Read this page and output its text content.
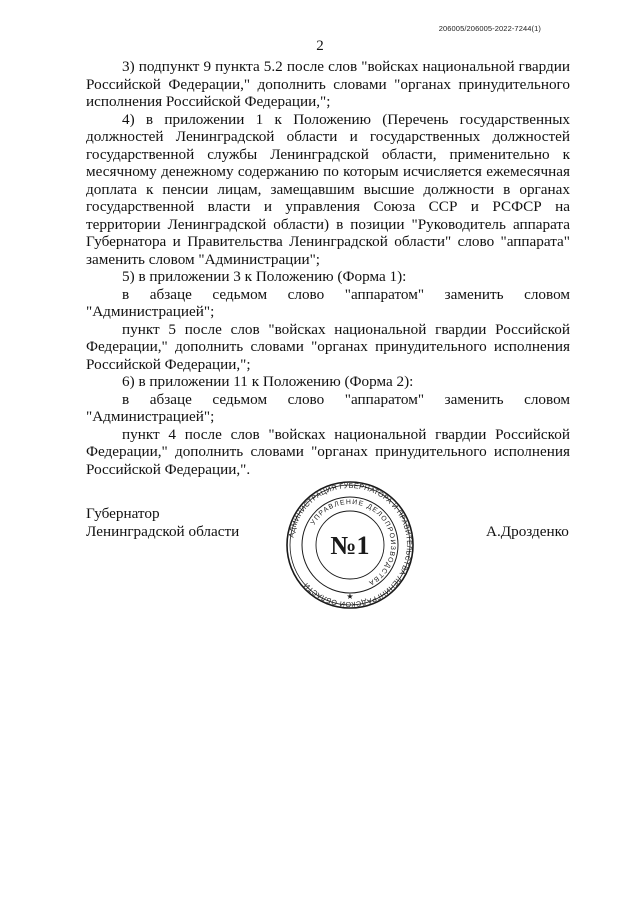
206005/206005-2022-7244(1)
2

3) подпункт 9 пункта 5.2 после слов "войсках национальной гвардии Российской Федерации," дополнить словами "органах принудительного исполнения Российской Федерации,";

4) в приложении 1 к Положению (Перечень государственных должностей Ленинградской области и государственных должностей государственной службы Ленинградской области, применительно к месячному денежному содержанию по которым исчисляется ежемесячная доплата к пенсии лицам, замещавшим высшие должности в органах государственной власти и управления Союза ССР и РСФСР на территории Ленинградской области) в позиции "Руководитель аппарата Губернатора и Правительства Ленинградской области" слово "аппарата" заменить словом "Администрации";

5) в приложении 3 к Положению (Форма 1):

в абзаце седьмом слово "аппаратом" заменить словом "Администрацией";

пункт 5 после слов "войсках национальной гвардии Российской Федерации," дополнить словами "органах принудительного исполнения Российской Федерации,";

6) в приложении 11 к Положению (Форма 2):

в абзаце седьмом слово "аппаратом" заменить словом "Администрацией";

пункт 4 после слов "войсках национальной гвардии Российской Федерации," дополнить словами "органах принудительного исполнения Российской Федерации,".

Губернатор
Ленинградской области	А.Дрозденко
АДМИНИСТРАЦИЯ ГУБЕРНАТОРА И ПРАВИТЕЛЬСТВА ЛЕНИНГРАДСКОЙ ОБЛАСТИ
УПРАВЛЕНИЕ ДЕЛОПРОИЗВОДСТВА
№1
★
